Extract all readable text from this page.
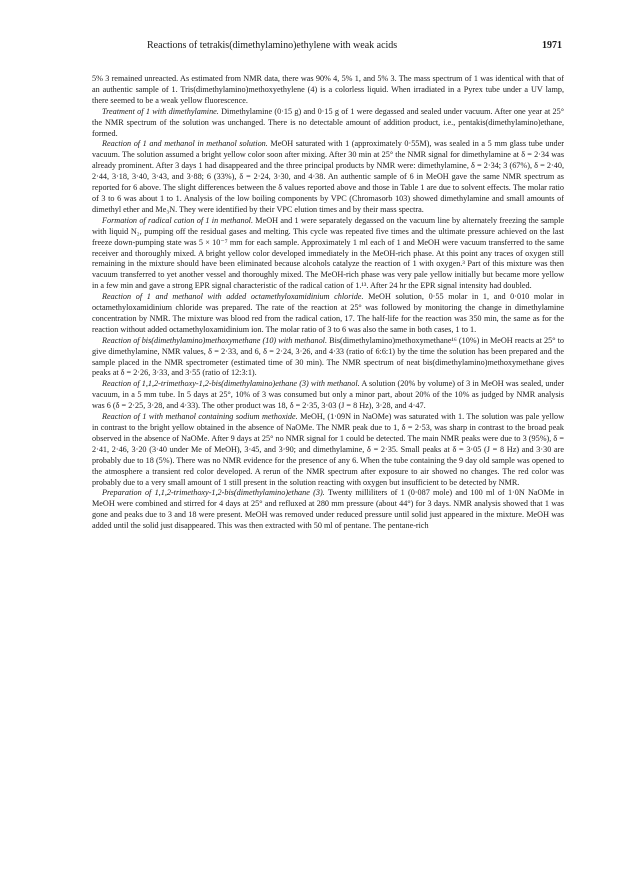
Reactions of tetrakis(dimethylamino)ethylene with weak acids	1971

5% 3 remained unreacted. As estimated from NMR data, there was 90% 4, 5% 1, and 5% 3. The mass spectrum of 1 was identical with that of an authentic sample of 1. Tris(dimethylamino)methoxyethylene (4) is a colorless liquid. When irradiated in a Pyrex tube under a UV lamp, there seemed to be a weak yellow fluorescence.

Treatment of 1 with dimethylamine. Dimethylamine (0·15 g) and 0·15 g of 1 were degassed and sealed under vacuum. After one year at 25° the NMR spectrum of the solution was unchanged. There is no detectable amount of addition product, i.e., pentakis(dimethylamino)ethane, formed.

Reaction of 1 and methanol in methanol solution. MeOH saturated with 1 (approximately 0·55M), was sealed in a 5 mm glass tube under vacuum. The solution assumed a bright yellow color soon after mixing. After 30 min at 25° the NMR signal for dimethylamine at δ = 2·34 was already prominent. After 3 days 1 had disappeared and the three principal products by NMR were: dimethylamine, δ = 2·34; 3 (67%), δ = 2·40, 2·44, 3·18, 3·40, 3·43, and 3·88; 6 (33%), δ = 2·24, 3·30, and 4·38. An authentic sample of 6 in MeOH gave the same NMR spectrum as reported for 6 above. The slight differences between the δ values reported above and those in Table 1 are due to solvent effects. The molar ratio of 3 to 6 was about 1 to 1. Analysis of the low boiling components by VPC (Chromasorb 103) showed dimethylamine and small amounts of dimethyl ether and Me₃N. They were identified by their VPC elution times and by their mass spectra.

Formation of radical cation of 1 in methanol. MeOH and 1 were separately degassed on the vacuum line by alternately freezing the sample with liquid N₂, pumping off the residual gases and melting. This cycle was repeated five times and the ultimate pressure achieved on the last freeze down-pumping state was 5 × 10⁻⁷ mm for each sample. Approximately 1 ml each of 1 and MeOH were vacuum transferred to the same receiver and thoroughly mixed. A bright yellow color developed immediately in the MeOH-rich phase. At this point any traces of oxygen still remaining in the mixture should have been eliminated because alcohols catalyze the reaction of 1 with oxygen.³ Part of this mixture was then vacuum transferred to yet another vessel and thoroughly mixed. The MeOH-rich phase was very pale yellow initially but became more yellow in a few min and gave a strong EPR signal characteristic of the radical cation of 1.¹³. After 24 hr the EPR signal intensity had doubled.

Reaction of 1 and methanol with added octamethyloxamidinium chloride. MeOH solution, 0·55 molar in 1, and 0·010 molar in octamethyloxamidinium chloride was prepared. The rate of the reaction at 25° was followed by monitoring the change in dimethylamine concentration by NMR. The mixture was blood red from the radical cation, 17. The half-life for the reaction was 350 min, the same as for the reaction without added octamethyloxamidinium ion. The molar ratio of 3 to 6 was also the same in both cases, 1 to 1.

Reaction of bis(dimethylamino)methoxymethane (10) with methanol. Bis(dimethylamino)methoxymethane¹⁶ (10%) in MeOH reacts at 25° to give dimethylamine, NMR values, δ = 2·33, and 6, δ = 2·24, 3·26, and 4·33 (ratio of 6:6:1) by the time the solution has been prepared and the sample placed in the NMR spectrometer (estimated time of 30 min). The NMR spectrum of neat bis(dimethylamino)methoxymethane gives peaks at δ = 2·26, 3·33, and 3·55 (ratio of 12:3:1).

Reaction of 1,1,2-trimethoxy-1,2-bis(dimethylamino)ethane (3) with methanol. A solution (20% by volume) of 3 in MeOH was sealed, under vacuum, in a 5 mm tube. In 5 days at 25°, 10% of 3 was consumed but only a minor part, about 20% of the 10% as judged by NMR analysis was 6 (δ = 2·25, 3·28, and 4·33). The other product was 18, δ = 2·35, 3·03 (J = 8 Hz), 3·28, and 4·47.

Reaction of 1 with methanol containing sodium methoxide. MeOH, (1·09N in NaOMe) was saturated with 1. The solution was pale yellow in contrast to the bright yellow obtained in the absence of NaOMe. The NMR peak due to 1, δ = 2·53, was sharp in contrast to the broad peak observed in the absence of NaOMe. After 9 days at 25° no NMR signal for 1 could be detected. The main NMR peaks were due to 3 (95%), δ = 2·41, 2·46, 3·20 (3·40 under Me of MeOH), 3·45, and 3·90; and dimethylamine, δ = 2·35. Small peaks at δ = 3·05 (J = 8 Hz) and 3·30 are probably due to 18 (5%). There was no NMR evidence for the presence of any 6. When the tube containing the 9 day old sample was opened to the atmosphere a transient red color developed. A rerun of the NMR spectrum after exposure to air showed no changes. The red color was probably due to a very small amount of 1 still present in the solution reacting with oxygen but insufficient to be detected by NMR.

Preparation of 1,1,2-trimethoxy-1,2-bis(dimethylamino)ethane (3). Twenty milliliters of 1 (0·087 mole) and 100 ml of 1·0N NaOMe in MeOH were combined and stirred for 4 days at 25° and refluxed at 280 mm pressure (about 44°) for 3 days. NMR analysis showed that 1 was gone and peaks due to 3 and 18 were present. MeOH was removed under reduced pressure until solid just appeared in the mixture. MeOH was added until the solid just disappeared. This was then extracted with 50 ml of pentane. The pentane-rich
